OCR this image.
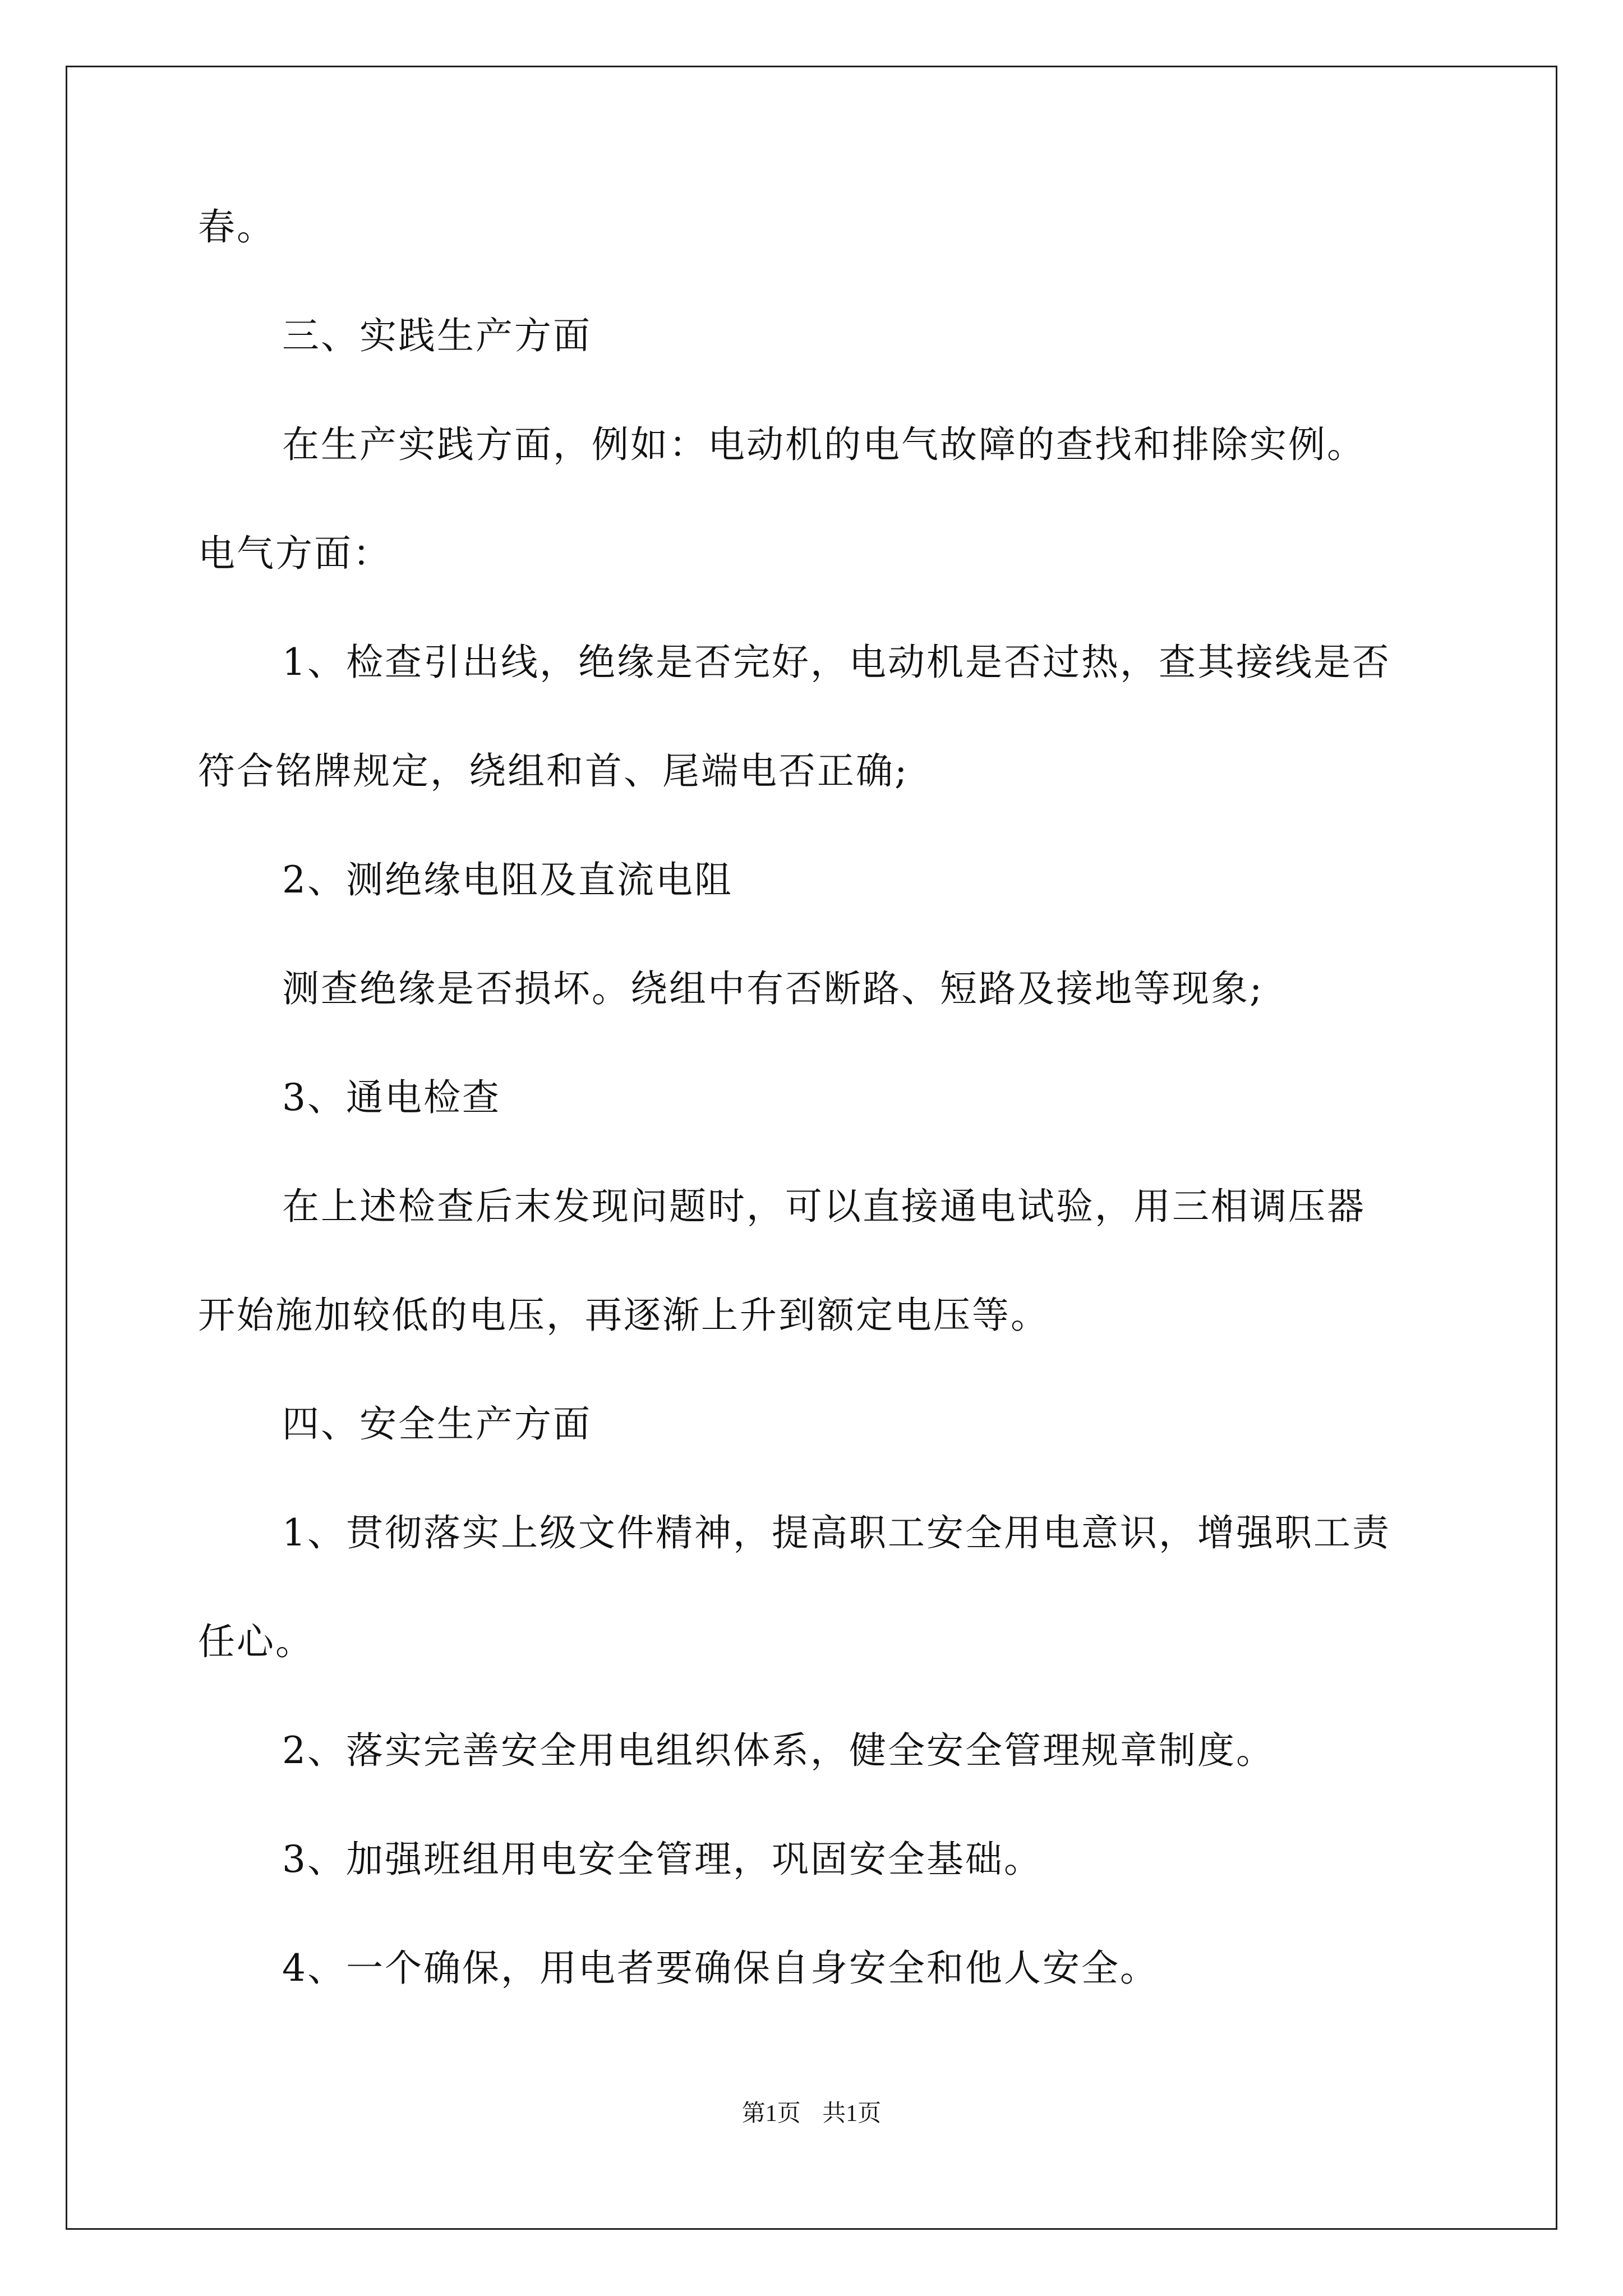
春。
三、实践生产方面
在生产实践方面，例如：电动机的电气故障的查找和排除实例。
电气方面：
1、检查引出线，绝缘是否完好，电动机是否过热，查其接线是否
符合铭牌规定，绕组和首、尾端电否正确;
2、测绝缘电阻及直流电阻
测查绝缘是否损坏。绕组中有否断路、短路及接地等现象;
3、通电检查
在上述检查后末发现问题时，可以直接通电试验，用三相调压器
开始施加较低的电压，再逐渐上升到额定电压等。
四、安全生产方面
1、贯彻落实上级文件精神，提高职工安全用电意识，增强职工责
任心。
2、落实完善安全用电组织体系，健全安全管理规章制度。
3、加强班组用电安全管理，巩固安全基础。
4、一个确保，用电者要确保自身安全和他人安全。
第1页 共1页
